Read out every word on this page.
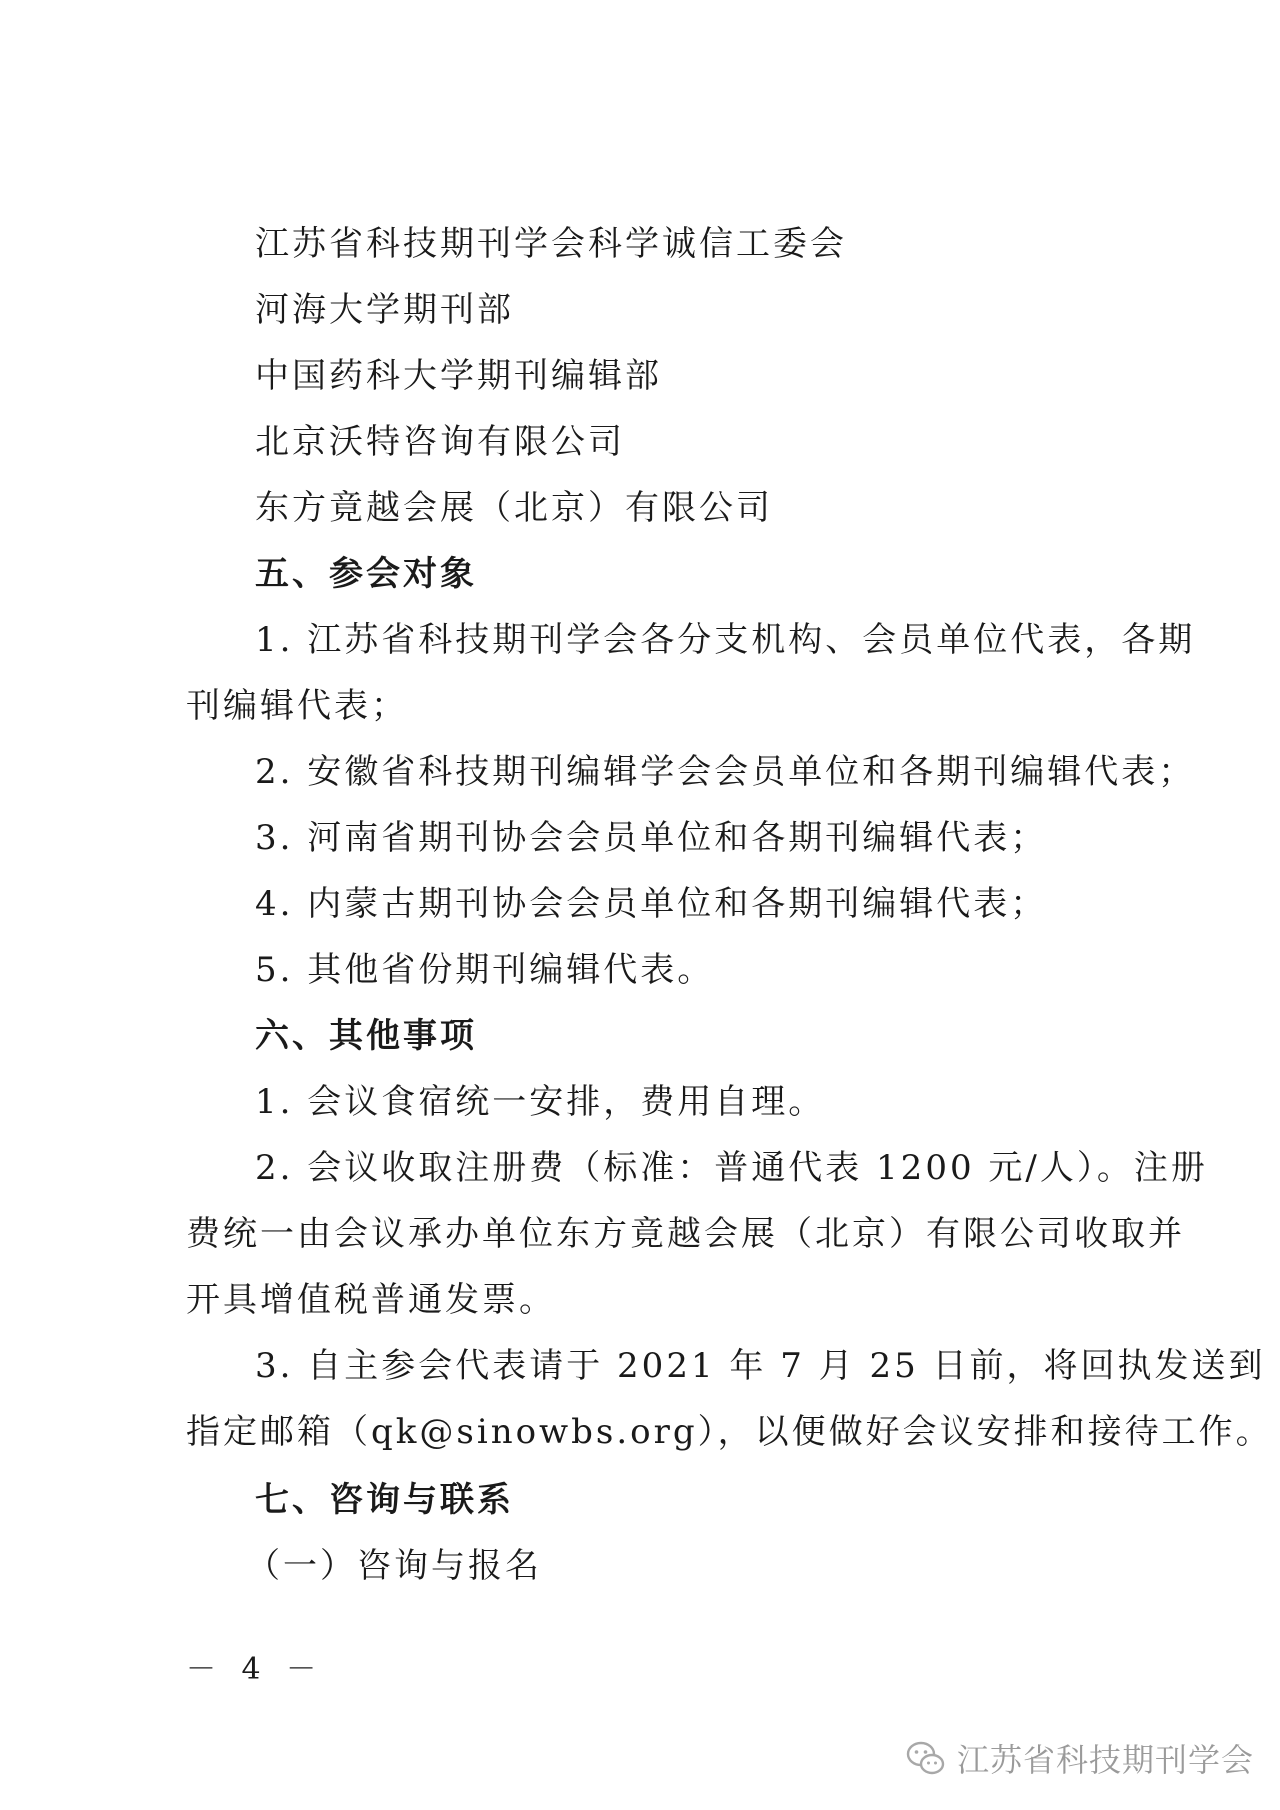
江苏省科技期刊学会科学诚信工委会
河海大学期刊部
中国药科大学期刊编辑部
北京沃特咨询有限公司
东方竟越会展（北京）有限公司
五、参会对象
1. 江苏省科技期刊学会各分支机构、会员单位代表，各期
刊编辑代表；
2. 安徽省科技期刊编辑学会会员单位和各期刊编辑代表；
3. 河南省期刊协会会员单位和各期刊编辑代表；
4. 内蒙古期刊协会会员单位和各期刊编辑代表；
5. 其他省份期刊编辑代表。
六、其他事项
1. 会议食宿统一安排，费用自理。
2. 会议收取注册费（标准：普通代表 1200 元/人）。注册
费统一由会议承办单位东方竟越会展（北京）有限公司收取并
开具增值税普通发票。
3. 自主参会代表请于 2021 年 7 月 25 日前，将回执发送到
指定邮箱（qk@sinowbs.org），以便做好会议安排和接待工作。
七、咨询与联系
（一）咨询与报名
－ 4 －
江苏省科技期刊学会
